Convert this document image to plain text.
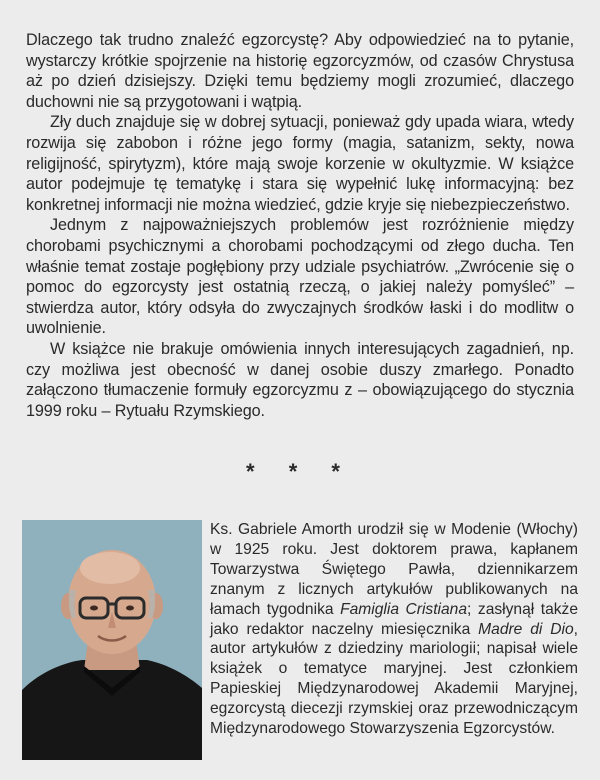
Dlaczego tak trudno znaleźć egzorcystę? Aby odpowiedzieć na to pytanie, wystarczy krótkie spojrzenie na historię egzorcyzmów, od czasów Chrystusa aż po dzień dzisiejszy. Dzięki temu będziemy mogli zrozumieć, dlaczego duchowni nie są przygotowani i wątpią.

Zły duch znajduje się w dobrej sytuacji, ponieważ gdy upada wiara, wtedy rozwija się zabobon i różne jego formy (magia, satanizm, sekty, nowa religijność, spirytyzm), które mają swoje korzenie w okultyzmie. W książce autor podejmuje tę tematykę i stara się wypełnić lukę informacyjną: bez konkretnej informacji nie można wiedzieć, gdzie kryje się niebezpieczeństwo.

Jednym z najpoważniejszych problemów jest rozróżnienie między chorobami psychicznymi a chorobami pochodzącymi od złego ducha. Ten właśnie temat zostaje pogłębiony przy udziale psychiatrów. „Zwrócenie się o pomoc do egzorcysty jest ostatnią rzeczą, o jakiej należy pomyśleć” – stwierdza autor, który odsyła do zwyczajnych środków łaski i do modlitw o uwolnienie.

W książce nie brakuje omówienia innych interesujących zagadnień, np. czy możliwa jest obecność w danej osobie duszy zmarłego. Ponadto załączono tłumaczenie formuły egzorcyzmu z – obowiązującego do stycznia 1999 roku – Rytuału Rzymskiego.

* * *

Ks. Gabriele Amorth urodził się w Modenie (Włochy) w 1925 roku. Jest doktorem prawa, kapłanem Towarzystwa Świętego Pawła, dziennikarzem znanym z licznych artykułów publikowanych na łamach tygodnika Famiglia Cristiana; zasłynął także jako redaktor naczelny miesięcznika Madre di Dio, autor artykułów z dziedziny mariologii; napisał wiele książek o tematyce maryjnej. Jest członkiem Papieskiej Międzynarodowej Akademii Maryjnej, egzorcystą diecezji rzymskiej oraz przewodniczącym Międzynarodowego Stowarzyszenia Egzorcystów.
